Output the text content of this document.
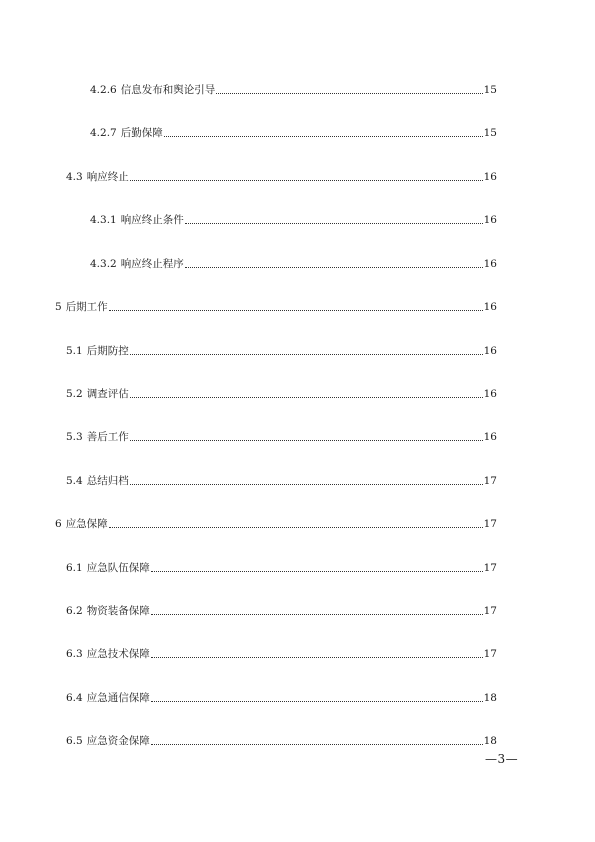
4.2.6 信息发布和舆论引导	15
4.2.7 后勤保障	15
4.3 响应终止	16
4.3.1 响应终止条件	16
4.3.2 响应终止程序	16
5 后期工作	16
5.1 后期防控	16
5.2 调查评估	16
5.3 善后工作	16
5.4 总结归档	17
6 应急保障	17
6.1 应急队伍保障	17
6.2 物资装备保障	17
6.3 应急技术保障	17
6.4 应急通信保障	18
6.5 应急资金保障	18
—3—
